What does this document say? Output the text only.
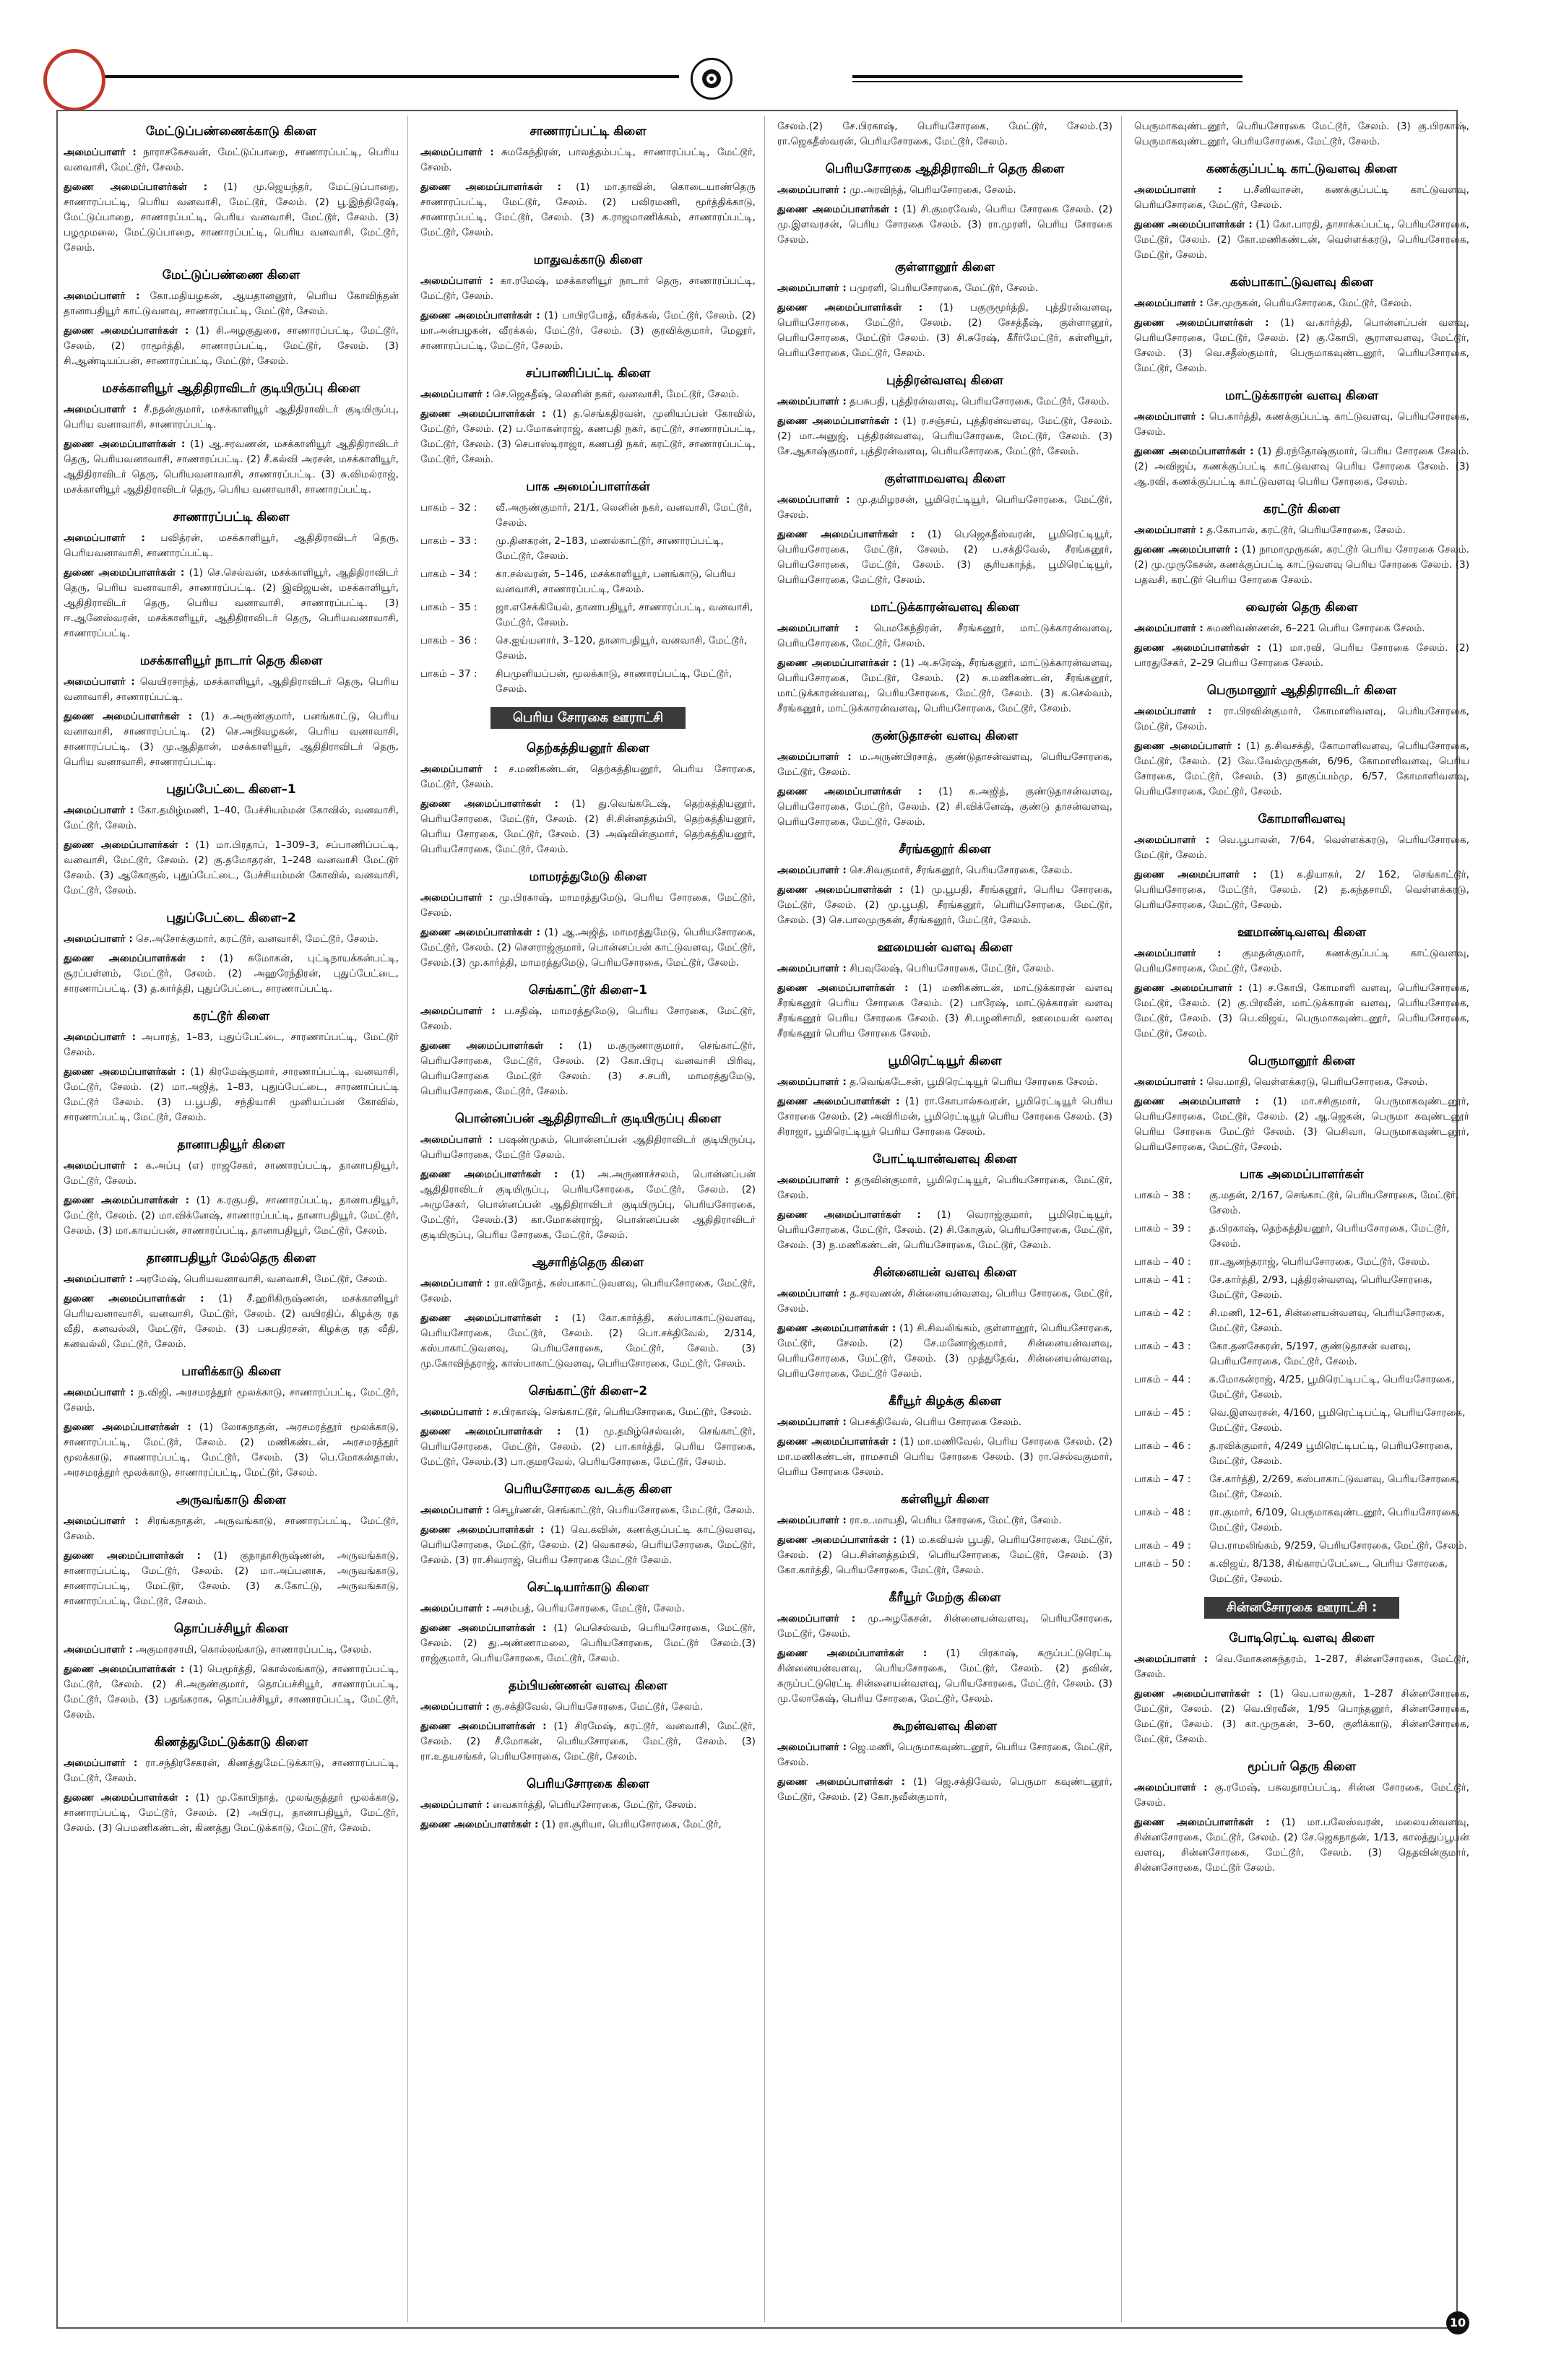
மேட்டுப்பண்ணைக்காடு கிளை
அமைப்பாளர் : நாராசகேசவன், மேட்டுப்பாறை, சாணாரப்பட்டி, பெரிய வனவாசி, மேட்டூர், சேலம்.
துணை அமைப்பாளர்கள் : (1) மு.ஜெயந்தர், மேட்டுப்பாறை, சாணாரப்பட்டி, பெரிய வனவாசி, மேட்டூர், சேலம். (2) பூ.இந்திரேஷ், மேட்டுப்பாறை, சாணாரப்பட்டி, பெரிய வனவாசி, மேட்டூர், சேலம். (3) பழமுமலை, மேட்டுப்பாறை, சாணாரப்பட்டி, பெரிய வனவாசி, மேட்டூர், சேலம்.
மேட்டுப்பண்ணை கிளை
அமைப்பாளர் : கோ.மதியழகன், ஆயதானனூர், பெரிய கோவிந்தன் தானாபதியூர் காட்டுவளவு, சாணாரப்பட்டி, மேட்டூர், சேலம்.
துணை அமைப்பாளர்கள் : (1) சி.அழகுதுரை, சாணாரப்பட்டி, மேட்டூர், சேலம். (2) ராமூர்த்தி, சாணாரப்பட்டி, மேட்டூர், சேலம். (3) சி.ஆண்டியப்பன், சாணாரப்பட்டி, மேட்டூர், சேலம்.
மசக்காளியூர் ஆதிதிராவிடர் குடியிருப்பு கிளை
அமைப்பாளர் : சீ.நதன்குமார், மசக்காளியூர் ஆதிதிராவிடர் குடியிருப்பு, பெரிய வனாவாசி, சாணாரப்பட்டி.
துணை அமைப்பாளர்கள் : (1) ஆ.சரவணன், மசக்காளியூர் ஆதிதிராவிடர் தெரு, பெரியவனாவாசி, சாணாரப்பட்டி. (2) சீ.கல்வி அரசன், மசக்காளியூர், ஆதிதிராவிடர் தெரு, பெரியவனாவாசி, சாணாரப்பட்டி. (3) சு.விமல்ராஜ், மசக்காளியூர் ஆதிதிராவிடர் தெரு, பெரிய வனாவாசி, சாணாரப்பட்டி.
சாணாரப்பட்டி கிளை
அமைப்பாளர் : பவித்ரன், மசக்காளியூர், ஆதிதிராவிடர் தெரு, பெரியவனாவாசி, சாணாரப்பட்டி.
துணை அமைப்பாளர்கள் : (1) செ.செல்வன், மசக்காளியூர், ஆதிதிராவிடர் தெரு, பெரிய வனாவாசி, சாணாரப்பட்டி. (2) இவிஜயன், மசக்காளியூர், ஆதிதிராவிடர் தெரு, பெரிய வனாவாசி, சாணாரப்பட்டி. (3) ஈ.ஆனேஸ்வரன், மசக்காளியூர், ஆதிதிராவிடர் தெரு, பெரியவனாவாசி, சாணாரப்பட்டி.
மசக்காளியூர் நாடார் தெரு கிளை
அமைப்பாளர் : வெயிரசாந்த், மசக்காளியூர், ஆதிதிராவிடர் தெரு, பெரிய வனாவாசி, சாணாரப்பட்டி.
துணை அமைப்பாளர்கள் : (1) சு.அருண்குமார், பனங்காட்டு, பெரிய வனாவாசி, சாணாரப்பட்டி. (2) செ.அறிவழகன், பெரிய வனாவாசி, சாணாரப்பட்டி. (3) மு.ஆதிதான், மசக்காளியூர், ஆதிதிராவிடர் தெரு, பெரிய வனாவாசி, சாணாரப்பட்டி.
புதுப்பேட்டை கிளை–1
அமைப்பாளர் : கோ.தமிழ்மணி, 1–40, பேச்சியம்மன் கோவில், வனவாசி, மேட்டூர், சேலம்.
துணை அமைப்பாளர்கள் : (1) மா.பிரதாப், 1–309–3, சப்பாணிப்பட்டி, வனவாசி, மேட்டூர், சேலம். (2) கு.தமோதரன், 1–248 வனவாசி மேட்டூர் சேலம். (3) ஆகோகுல், புதுப்பேட்டை, பேச்சியம்மன் கோவில், வனவாசி, மேட்டூர், சேலம்.
புதுப்பேட்டை கிளை–2
அமைப்பாளர் : செ.அசோக்குமார், கரட்டூர், வனவாசி, மேட்டூர், சேலம்.
துணை அமைப்பாளர்கள் : (1) சுமோகன், புட்டிநாயக்கன்பட்டி, சூரப்பள்ளம், மேட்டூர், சேலம். (2) அஹரேந்திரன், புதுப்பேட்டை, சாரணாப்பட்டி. (3) த.கார்த்தி, புதுப்பேட்டை, சாரணாப்பட்டி.
கரட்டூர் கிளை
அமைப்பாளர் : அபாரத், 1–83, புதுப்பேட்டை, சாரணாப்பட்டி, மேட்டூர் சேலம்.
துணை அமைப்பாளர்கள் : (1) கிரமேஷ்குமார், சாரணாப்பட்டி, வனவாசி, மேட்டூர், சேலம். (2) மா.அஜித், 1–83, புதுப்பேட்டை, சாரணாப்பட்டி மேட்டூர் சேலம். (3) ப.பூபதி, சந்தியாசி முனியப்பன் கோவில், சாரணாப்பட்டி, மேட்டூர், சேலம்.
தானாபதியூர் கிளை
அமைப்பாளர் : க.அப்பு (எ) ராஜசேகர், சாணாரப்பட்டி, தானாபதியூர், மேட்டூர், சேலம்.
துணை அமைப்பாளர்கள் : (1) க.ரகுபதி, சாணாரப்பட்டி, தானாபதியூர், மேட்டூர், சேலம். (2) மா.விக்னேஷ், சாணாரப்பட்டி, தானாபதியூர், மேட்டூர், சேலம். (3) மா.காயப்பன், சாணாரப்பட்டி, தானாபதியூர், மேட்டூர், சேலம்.
தானாபதியூர் மேல்தெரு கிளை
அமைப்பாளர் : அரமேஷ், பெரியவனாவாசி, வனவாசி, மேட்டூர், சேலம்.
துணை அமைப்பாளர்கள் : (1) சீ.ஹரிகிருஷ்ணன், மசக்காளியூர் பெரியவனாவாசி, வனவாசி, மேட்டூர், சேலம். (2) வயிரதிப், கிழக்கு ரத வீதி, கனவல்லி, மேட்டூர், சேலம். (3) பசுபதிரசன், கிழக்கு ரத வீதி, கனவல்லி, மேட்டூர், சேலம்.
பாளிக்காடு கிளை
அமைப்பாளர் : ந.விஜி, அரசமரத்தூர் மூலக்காடு, சாணாரப்பட்டி, மேட்டூர், சேலம்.
துணை அமைப்பாளர்கள் : (1) லோகநாதன், அரசமரத்தூர் மூலக்காடு, சாணாரப்பட்டி, மேட்டூர், சேலம். (2) மணிகண்டன், அரசமரத்தூர் மூலக்காடு, சாணாரப்பட்டி, மேட்டூர், சேலம். (3) பெ.மோகன்தாஸ், அரசமரத்தூர் மூலக்காடு, சாணாரப்பட்டி, மேட்டூர், சேலம்.
அருவங்காடு கிளை
அமைப்பாளர் : சிரங்கநாதன், அருவங்காடு, சாணாரப்பட்டி, மேட்டூர், சேலம்.
துணை அமைப்பாளர்கள் : (1) குநாதாசிருஷ்ணன், அருவங்காடு, சாணாரப்பட்டி, மேட்டூர், சேலம். (2) மா.அப்பனாசு, அருவங்காடு, சாணாரப்பட்டி, மேட்டூர், சேலம். (3) க.கோட்டு, அருவங்காடு, சாணாரப்பட்டி, மேட்டூர், சேலம்.
தொப்பச்சியூர் கிளை
அமைப்பாளர் : அகுமாரசாமி, கொல்லங்காடு, சாணாரப்பட்டி, சேலம்.
துணை அமைப்பாளர்கள் : (1) பெமூர்த்தி, கொல்லங்காடு, சாணாரப்பட்டி, மேட்டூர், சேலம். (2) சி.அருண்குமார், தொப்பச்சியூர், சாணாரப்பட்டி, மேட்டூர், சேலம். (3) பதங்கராசு, தொப்பச்சியூர், சாணாரப்பட்டி, மேட்டூர், சேலம்.
கிணத்துமேட்டுக்காடு கிளை
அமைப்பாளர் : ரா.சந்திரசேகரன், கிணத்துமேட்டுக்காடு, சாணாரப்பட்டி, மேட்டூர், சேலம்.
துணை அமைப்பாளர்கள் : (1) மு.கோபிநாத், முலங்குத்தூர் மூலக்காடு, சாணாரப்பட்டி, மேட்டூர், சேலம். (2) அபிரபு, தானாபதியூர், மேட்டூர், சேலம். (3) பெமணிகண்டன், கிணத்து மேட்டுக்காடு, மேட்டூர், சேலம்.
சாணாரப்பட்டி கிளை
அமைப்பாளர் : சுமகேந்திரன், பாலத்தம்பட்டி, சாணாரப்பட்டி, மேட்டூர், சேலம்.
துணை அமைப்பாளர்கள் : (1) மா.தாவின், கொடையாண்தெரு சாணாரப்பட்டி, மேட்டூர், சேலம். (2) பவிரமணி, மூர்த்திக்காடு, சாணாரப்பட்டி, மேட்டூர், சேலம். (3) க.ராஜமாணிக்கம், சாணாரப்பட்டி, மேட்டூர், சேலம்.
மாதுவக்காடு கிளை
அமைப்பாளர் : கா.ரமேஷ், மசக்காளியூர் நாடார் தெரு, சாணாரப்பட்டி, மேட்டூர், சேலம்.
துணை அமைப்பாளர்கள் : (1) பாபிரபோத், வீரக்கல், மேட்டூர், சேலம். (2) மா.அன்பழகன், வீரக்கல், மேட்டூர், சேலம். (3) குரவிக்குமார், மேலூர், சாணாரப்பட்டி, மேட்டூர், சேலம்.
சப்பாணிப்பட்டி கிளை
அமைப்பாளர் : செ.ஜெகதீஷ், லெனின் நகர், வனவாசி, மேட்டூர், சேலம்.
துணை அமைப்பாளர்கள் : (1) த.செங்கதிரவன், முனியப்பன் கோவில், மேட்டூர், சேலம். (2) ப.மோகன்ராஜ், கணபதி நகர், கரட்டூர், சாணாரப்பட்டி, மேட்டூர், சேலம். (3) செபாஸ்டிராஜா, கணபதி நகர், கரட்டூர், சாணாரப்பட்டி, மேட்டூர், சேலம்.
பாக அமைப்பாளர்கள்
பாகம் – 32 :	வீ.அருண்குமார், 21/1, லெனின் நகர், வனவாசி, மேட்டூர், சேலம்.
பாகம் – 33 :	மு.தினகரன், 2–183, மணல்காட்டூர், சாணாரப்பட்டி, மேட்டூர், சேலம்.
பாகம் – 34 :	கா.சல்வரன், 5–146, மசக்காளியூர், பனங்காடு, பெரிய வனவாசி, சாணாரப்பட்டி, சேலம்.
பாகம் – 35 :	ஜா.எசேக்கியேல், தானாபதியூர், சாணாரப்பட்டி, வனவாசி, மேட்டூர், சேலம்.
பாகம் – 36 :	செ.ஐய்யனார், 3–120, தானாபதியூர், வனவாசி, மேட்டூர், சேலம்.
பாகம் – 37 :	சிபமுனியப்பன், மூலக்காடு, சாணாரப்பட்டி, மேட்டூர், சேலம்.
பெரிய சோரகை ஊராட்சி
தெற்கத்தியனூர் கிளை
அமைப்பாளர் : ச.மணிகண்டன், தெற்கத்தியனூர், பெரிய சோரகை, மேட்டூர், சேலம்.
துணை அமைப்பாளர்கள் : (1) து.வெங்கடேஷ், தெற்கத்தியனூர், பெரியசோரகை, மேட்டூர், சேலம். (2) சி.சின்னத்தம்பி, தெற்கத்தியனூர், பெரிய சோரகை, மேட்டூர், சேலம். (3) அஷ்வின்குமார், தெற்கத்தியனூர், பெரியசோரகை, மேட்டூர், சேலம்.
மாமரத்துமேடு கிளை
அமைப்பாளர் : மு.பிரகாஷ், மாமரத்துமேடு, பெரிய சோரகை, மேட்டூர், சேலம்.
துணை அமைப்பாளர்கள் : (1) ஆ.அஜித், மாமரத்துமேடு, பெரியசோரகை, மேட்டூர், சேலம். (2) சௌராஜ்குமார், பொன்னப்பன் காட்டுவளவு, மேட்டூர், சேலம்.(3) மு.கார்த்தி, மாமரத்துமேடு, பெரியசோரகை, மேட்டூர், சேலம்.
செங்காட்டூர் கிளை–1
அமைப்பாளர் : ப.சதிஷ், மாமரத்துமேடு, பெரிய சோரகை, மேட்டூர், சேலம்.
துணை அமைப்பாளர்கள் : (1) ம.குருணாகுமார், செங்காட்டூர், பெரியசோரகை, மேட்டூர், சேலம். (2) கோ.பிரபு வனவாசி பிரிவு, பெரியசோரகை மேட்டூர் சேலம். (3) ச.சபரி, மாமரத்துமேடு, பெரியசோரகை, மேட்டூர், சேலம்.
பொன்னப்பன் ஆதிதிராவிடர் குடியிருப்பு கிளை
அமைப்பாளர் : பஷண்முகம், பொன்னப்பன் ஆதிதிராவிடர் குடியிருப்பு, பெரியசோரகை, மேட்டூர் சேலம்.
துணை அமைப்பாளர்கள் : (1) அ.அருணாச்சலம், பொன்னப்பன் ஆதிதிராவிடர் குடியிருப்பு, பெரியசோரகை, மேட்டூர், சேலம். (2) அமுசேகர், பொன்னப்பன் ஆதிதிராவிடர் குடியிருப்பு, பெரியசோரகை, மேட்டூர், சேலம்.(3) கா.மோகன்ராஜ், பொன்னப்பன் ஆதிதிராவிடர் குடியிருப்பு, பெரிய சோரகை, மேட்டூர், சேலம்.
ஆசாரித்தெரு கிளை
அமைப்பாளர் : ரா.விநோத், கஸ்பாகாட்டுவளவு, பெரியசோரகை, மேட்டூர், சேலம்.
துணை அமைப்பாளர்கள் : (1) கோ.கார்த்தி, கஸ்பாகாட்டுவளவு, பெரியசோரகை, மேட்டூர், சேலம். (2) பொ.சக்திவேல், 2/314, கஸ்பாகாட்டுவளவு, பெரியசோரகை, மேட்டூர், சேலம். (3) மு.கோவிந்தராஜ், காஸ்பாகாட்டுவளவு, பெரியசோரகை, மேட்டூர், சேலம்.
செங்காட்டூர் கிளை–2
அமைப்பாளர் : ச.பிரகாஷ், செங்காட்டூர், பெரியசோரகை, மேட்டூர், சேலம்.
துணை அமைப்பாளர்கள் : (1) மு.தமிழ்செல்வன், செங்காட்டூர், பெரியசோரகை, மேட்டூர், சேலம். (2) பா.கார்த்தி, பெரிய சோரகை, மேட்டூர், சேலம்.(3) பா.குமரவேல், பெரியசோரகை, மேட்டூர், சேலம்.
பெரியசோரகை வடக்கு கிளை
அமைப்பாளர் : செபூர்ணன், செங்காட்டூர், பெரியசோரகை, மேட்டூர், சேலம்.
துணை அமைப்பாளர்கள் : (1) வெ.கவின், கணக்குப்பட்டி காட்டுவளவு, பெரியசோரகை, மேட்டூர், சேலம். (2) வெகாசல், பெரியசோரகை, மேட்டூர், சேலம். (3) ரா.சிவராஜ், பெரிய சோரகை மேட்டூர் சேலம்.
செட்டியார்காடு கிளை
அமைப்பாளர் : அசம்பத், பெரியசோரகை, மேட்டூர், சேலம்.
துணை அமைப்பாளர்கள் : (1) பெசெல்வம், பெரியசோரகை, மேட்டூர், சேலம். (2) து.அண்ணாமலை, பெரியசோரகை, மேட்டூர் சேலம்.(3) ராஜ்குமார், பெரியசோரகை, மேட்டூர், சேலம்.
தம்பியண்ணன் வளவு கிளை
அமைப்பாளர் : கு.சக்திவேல், பெரியசோரகை, மேட்டூர், சேலம்.
துணை அமைப்பாளர்கள் : (1) சிரமேஷ், கரட்டூர், வனவாசி, மேட்டூர், சேலம். (2) சீ.மோகன், பெரியசோரகை, மேட்டூர், சேலம். (3) ரா.உதயசங்கர், பெரியசோரகை, மேட்டூர், சேலம்.
பெரியசோரகை கிளை
அமைப்பாளர் : வைகார்த்தி, பெரியசோரகை, மேட்டூர், சேலம்.
துணை அமைப்பாளர்கள் : (1) ரா.சூரியா, பெரியசோரகை, மேட்டூர்,
சேலம்.(2) சே.பிரகாஷ், பெரியசோரகை, மேட்டூர், சேலம்.(3) ரா.ஜெகதீஸ்வரன், பெரியசோரகை, மேட்டூர், சேலம்.
பெரியசோரகை ஆதிதிராவிடர் தெரு கிளை
அமைப்பாளர் : மு.அரவிந்த், பெரியசோரகை, சேலம்.
துணை அமைப்பாளர்கள் : (1) சி.குமரவேல், பெரிய சோரகை சேலம். (2) மு.இளவரசன், பெரிய சோரகை சேலம். (3) ரா.முரளி, பெரிய சோரகை சேலம்.
குள்ளானூர் கிளை
அமைப்பாளர் : பமுரளி, பெரியசோரகை, மேட்டூர், சேலம்.
துணை அமைப்பாளர்கள் : (1) பகுருமூர்த்தி, புத்திரன்வளவு, பெரியசோரகை, மேட்டூர், சேலம். (2) சேசத்தீஷ், குள்ளானூர், பெரியசோரகை, மேட்டூர் சேலம். (3) சி.சுரேஷ், கீரீர்மேட்டூர், கள்ளியூர், பெரியசோரகை, மேட்டூர், சேலம்.
புத்திரன்வளவு கிளை
அமைப்பாளர் : தபசுபதி, புத்திரன்வளவு, பெரியசோரகை, மேட்டூர், சேலம்.
துணை அமைப்பாளர்கள் : (1) ர.சஞ்சய், புத்திரன்வளவு, மேட்டூர், சேலம். (2) மா.அனுஜ், புத்திரன்வளவு, பெரியசோரகை, மேட்டூர், சேலம். (3) சே.ஆகாஷ்குமார், புத்திரன்வளவு, பெரியசோரகை, மேட்டூர், சேலம்.
குள்ளாமவளவு கிளை
அமைப்பாளர் : மு.தமிழரசன், பூமிரெட்டியூர், பெரியசோரகை, மேட்டூர், சேலம்.
துணை அமைப்பாளர்கள் : (1) பெஜெகதீஸ்வரன், பூமிரெட்டியூர், பெரியசோரகை, மேட்டூர், சேலம். (2) ப.சக்திவேல், சீரங்கனூர், பெரியசோரகை, மேட்டூர், சேலம். (3) சூரியகாந்த், பூமிரெட்டியூர், பெரியசோரகை, மேட்டூர், சேலம்.
மாட்டுக்காரன்வளவு கிளை
அமைப்பாளர் : பெமகேந்திரன், சீரங்கனூர், மாட்டுக்காரன்வளவு, பெரியசோரகை, மேட்டூர், சேலம்.
துணை அமைப்பாளர்கள் : (1) அ.சுரேஷ், சீரங்கனூர், மாட்டுக்காரன்வளவு, பெரியசோரகை, மேட்டூர், சேலம். (2) சு.மணிகண்டன், சீரங்கனூர், மாட்டுக்காரன்வளவு, பெரியசோரகை, மேட்டூர், சேலம். (3) க.செல்வம், சீரங்கனூர், மாட்டுக்காரன்வளவு, பெரியசோரகை, மேட்டூர், சேலம்.
குண்டுதாசன் வளவு கிளை
அமைப்பாளர் : ம.அருண்பிரசாத், குண்டுதாசன்வளவு, பெரியசோரகை, மேட்டூர், சேலம்.
துணை அமைப்பாளர்கள் : (1) க.அஜித், குண்டுதாசன்வளவு, பெரியசோரகை, மேட்டூர், சேலம். (2) சி.விக்னேஷ், குண்டு தாசன்வளவு, பெரியசோரகை, மேட்டூர், சேலம்.
சீரங்கனூர் கிளை
அமைப்பாளர் : செ.சிவகுமார், சீரங்கனூர், பெரியசோரகை, சேலம்.
துணை அமைப்பாளர்கள் : (1) மு.பூபதி, சீரங்கனூர், பெரிய சோரகை, மேட்டூர், சேலம். (2) மு.பூபதி, சீரங்கனூர், பெரியசோரகை, மேட்டூர், சேலம். (3) செ.பாலமுருகன், சீரங்கனூர், மேட்டூர், சேலம்.
ஊமையன் வளவு கிளை
அமைப்பாளர் : சிபவுலேஷ், பெரியசோரகை, மேட்டூர், சேலம்.
துணை அமைப்பாளர்கள் : (1) மணிகண்டன், மாட்டுக்காரன் வளவு சீரங்கனூர் பெரிய சோரகை சேலம். (2) பாரேஷ், மாட்டுக்காரன் வளவு சீரங்கனூர் பெரிய சோரகை சேலம். (3) சி.பழனிசாமி, ஊமையன் வளவு சீரங்கனூர் பெரிய சோரகை சேலம்.
பூமிரெட்டியூர் கிளை
அமைப்பாளர் : த.வெங்கடேசன், பூமிரெட்டியூர் பெரிய சோரகை சேலம்.
துணை அமைப்பாளர்கள் : (1) ரா.கோபால்சுவரன், பூமிரெட்டியூர் பெரிய சோரகை சேலம். (2) அவிரிமன், பூமிரெட்டியூர் பெரிய சோரகை சேலம். (3) சிராஜா, பூமிரெட்டியூர் பெரிய சோரகை சேலம்.
போட்டியான்வளவு கிளை
அமைப்பாளர் : தருவின்குமார், பூமிரெட்டியூர், பெரியசோரகை, மேட்டூர், சேலம்.
துணை அமைப்பாளர்கள் : (1) வெராஜ்குமார், பூமிரெட்டியூர், பெரியசோரகை, மேட்டூர், சேலம். (2) சி.கோகுல், பெரியசோரகை, மேட்டூர், சேலம். (3) ந.மணிகண்டன், பெரியசோரகை, மேட்டூர், சேலம்.
சின்னையன் வளவு கிளை
அமைப்பாளர் : த.சரவணன், சின்னையன்வளவு, பெரிய சோரகை, மேட்டூர், சேலம்.
துணை அமைப்பாளர்கள் : (1) சி.சிவலிங்கம், குள்ளானூர், பெரியசோரகை, மேட்டூர், சேலம். (2) சே.மனோஜ்குமார், சின்னையன்வளவு, பெரியசோரகை, மேட்டூர், சேலம். (3) முத்துதேவ், சின்னையன்வளவு, பெரியசோரகை, மேட்டூர் சேலம்.
கீரீயூர் கிழக்கு கிளை
அமைப்பாளர் : பெசக்திவேல், பெரிய சோரகை சேலம்.
துணை அமைப்பாளர்கள் : (1) மா.மணிவேல், பெரிய சோரகை சேலம். (2) மா.மணிகண்டன், ராமசாமி பெரிய சோரகை சேலம். (3) ரா.செல்வகுமார், பெரிய சோரகை சேலம்.
கள்ளியூர் கிளை
அமைப்பாளர் : ரா.உ.மாயதி, பெரிய சோரகை, மேட்டூர், சேலம்.
துணை அமைப்பாளர்கள் : (1) ம.கவியல் பூபதி, பெரியசோரகை, மேட்டூர், சேலம். (2) பெ.சின்னத்தம்பி, பெரியசோரகை, மேட்டூர், சேலம். (3) கோ.கார்த்தி, பெரியசோரகை, மேட்டூர், சேலம்.
கீரீயூர் மேற்கு கிளை
அமைப்பாளர் : மு.அழகேசன், சின்னையன்வளவு, பெரியசோரகை, மேட்டூர், சேலம்.
துணை அமைப்பாளர்கள் : (1) பிரகாஷ், கருப்பட்டுரெட்டி சின்னையன்வளவு, பெரியசோரகை, மேட்டூர், சேலம். (2) தவின், கருப்பட்டுரெட்டி சின்னையன்வளவு, பெரியசோரகை, மேட்டூர், சேலம். (3) மு.லோகேஷ், பெரிய சோரகை, மேட்டூர், சேலம்.
கூறன்வளவு கிளை
அமைப்பாளர் : ஜெ.மணி, பெருமாகவுண்டனூர், பெரிய சோரகை, மேட்டூர், சேலம்.
துணை அமைப்பாளர்கள் : (1) ஜெ.சக்திவேல், பெருமா கவுண்டனூர், மேட்டூர், சேலம். (2) கோ.நவீன்குமார்,
பெருமாகவுண்டனூர், பெரியசோரகை மேட்டூர், சேலம். (3) கு.பிரகாஷ், பெருமாகவுண்டனூர், பெரியசோரகை, மேட்டூர், சேலம்.
கணக்குப்பட்டி காட்டுவளவு கிளை
அமைப்பாளர் : ப.சீனிவாசன், கணக்குப்பட்டி காட்டுவளவு, பெரியசோரகை, மேட்டூர், சேலம்.
துணை அமைப்பாளர்கள் : (1) கோ.பாரதி, தாசாக்கப்பட்டி, பெரியசோரகை, மேட்டூர், சேலம். (2) கோ.மணிகண்டன், வெள்ளக்கரடு, பெரியசோரகை, மேட்டூர், சேலம்.
கஸ்பாகாட்டுவளவு கிளை
அமைப்பாளர் : சே.முருகன், பெரியசோரகை, மேட்டூர், சேலம்.
துணை அமைப்பாளர்கள் : (1) வ.கார்த்தி, பொன்னப்பன் வளவு, பெரியசோரகை, மேட்டூர், சேலம். (2) கு.கோபி, சூராளவளவு, மேட்டூர், சேலம். (3) வெ.சதீஸ்குமார், பெருமாகவுண்டனூர், பெரியசோரகை, மேட்டூர், சேலம்.
மாட்டுக்காரன் வளவு கிளை
அமைப்பாளர் : பெ.கார்த்தி, கணக்குப்பட்டி காட்டுவளவு, பெரியசோரகை, சேலம்.
துணை அமைப்பாளர்கள் : (1) தி.ரந்தோஷ்குமார், பெரிய சோரகை சேலம். (2) அவிஜய், கணக்குப்பட்டி காட்டுவளவு பெரிய சோரகை சேலம். (3) ஆ.ரவி, கணக்குப்பட்டி காட்டுவளவு பெரிய சோரகை, சேலம்.
கரட்டூர் கிளை
அமைப்பாளர் : த.கோபால், கரட்டூர், பெரியசோரகை, சேலம்.
துணை அமைப்பாளர் : (1) நாமாமுருகன், கரட்டூர் பெரிய சோரகை சேலம். (2) மு.முருகேசன், கணக்குப்பட்டி காட்டுவளவு பெரிய சோரகை சேலம். (3) பதவசி, கரட்டூர் பெரிய சோரகை சேலம்.
வைரன் தெரு கிளை
அமைப்பாளர் : சுமணிவண்ணன், 6–221 பெரிய சோரகை சேலம்.
துணை அமைப்பாளர்கள் : (1) மா.ரவி, பெரிய சோரகை சேலம். (2) பாரதுசேகர், 2–29 பெரிய சோரகை சேலம்.
பெருமானூர் ஆதிதிராவிடர் கிளை
அமைப்பாளர் : ரா.பிரவின்குமார், கோமாளிவளவு, பெரியசோரகை, மேட்டூர், சேலம்.
துணை அமைப்பாளர் : (1) த.சிவசக்தி, கோமாளிவளவு, பெரியசோரகை, மேட்டூர், சேலம். (2) வே.வேல்முருகன், 6/96, கோமாளிவளவு, பெரிய சோரகை, மேட்டூர், சேலம். (3) தாகுப்பம்மு, 6/57, கோமாளிவளவு, பெரியசோரகை, மேட்டூர், சேலம்.
கோமாளிவளவு
அமைப்பாளர் : வெ.பூபாலன், 7/64, வெள்ளக்கரடு, பெரியசோரகை, மேட்டூர், சேலம்.
துணை அமைப்பாளர் : (1) க.தியாகர், 2/ 162, செங்காட்டூர், பெரியசோரகை, மேட்டூர், சேலம். (2) த.கந்தசாமி, வெள்ளக்கரடு, பெரியசோரகை, மேட்டூர், சேலம்.
ஊமாண்டிவளவு கிளை
அமைப்பாளர் : குமதன்குமார், கணக்குப்பட்டி காட்டுவளவு, பெரியசோரகை, மேட்டூர், சேலம்.
துணை அமைப்பாளர் : (1) ச.கோபி, கோமாளி வளவு, பெரியசோரகை, மேட்டூர், சேலம். (2) கு.பிரவீன், மாட்டுக்காரன் வளவு, பெரியசோரகை, மேட்டூர், சேலம். (3) பெ.விஜய், பெருமாகவுண்டனூர், பெரியசோரகை, மேட்டூர், சேலம்.
பெருமானூர் கிளை
அமைப்பாளர் : வெ.மாதி, வெள்ளக்கரடு, பெரியசோரகை, சேலம்.
துணை அமைப்பாளர் : (1) மா.சசிகுமார், பெருமாகவுண்டனூர், பெரியசோரகை, மேட்டூர், சேலம். (2) ஆ.ஜெகன், பெருமா கவுண்டனூர் பெரிய சோரகை மேட்டூர் சேலம். (3) பெசிவா, பெருமாகவுண்டனூர், பெரியசோரகை, மேட்டூர், சேலம்.
பாக அமைப்பாளர்கள்
பாகம் – 38 :	கு.மதன், 2/167, செங்காட்டூர், பெரியசோரகை, மேட்டூர், சேலம்.
பாகம் – 39 :	த.பிரகாஷ், தெற்கத்தியனூர், பெரியசோரகை, மேட்டூர், சேலம்.
பாகம் – 40 :	ரா.ஆனந்தராஜ், பெரியசோரகை, மேட்டூர், சேலம்.
பாகம் – 41 :	சே.கார்த்தி, 2/93, புத்திரன்வளவு, பெரியசோரகை, மேட்டூர், சேலம்.
பாகம் – 42 :	சி.மணி, 12–61, சின்னையன்வளவு, பெரியசோரகை, மேட்டூர், சேலம்.
பாகம் – 43 :	கோ.தனசேகரன், 5/197, குண்டுதாசன் வளவு, பெரியசோரகை, மேட்டூர், சேலம்.
பாகம் – 44 :	க.மோகன்ராஜ், 4/25, பூமிரெட்டிபட்டி, பெரியசோரகை, மேட்டூர், சேலம்.
பாகம் – 45 :	வெ.இளவரசன், 4/160, பூமிரெட்டிபட்டி, பெரியசோரகை, மேட்டூர், சேலம்.
பாகம் – 46 :	த.ரவிக்குமார், 4/249 பூமிரெட்டிபட்டி, பெரியசோரகை, மேட்டூர், சேலம்.
பாகம் – 47 :	சே.கார்த்தி, 2/269, கஸ்பாகாட்டுவளவு, பெரியசோரகை, மேட்டூர், சேலம்.
பாகம் – 48 :	ரா.குமார், 6/109, பெருமாகவுண்டனூர், பெரியசோரகை, மேட்டூர், சேலம்.
பாகம் – 49 :	பெ.ராமலிங்கம், 9/259, பெரியசோரகை, மேட்டூர், சேலம்.
பாகம் – 50 :	க.விஜய், 8/138, சிங்காரப்பேட்டை, பெரிய சோரகை, மேட்டூர், சேலம்.
சின்னசோரகை ஊராட்சி :
போடிரெட்டி வளவு கிளை
அமைப்பாளர் : வெ.மோகனசுந்தரம், 1–287, சின்னசோரகை, மேட்டூர், சேலம்.
துணை அமைப்பாளர்கள் : (1) வெ.பாலகுகர், 1–287 சின்னசோரகை, மேட்டூர், சேலம். (2) வெ.பிரவீன், 1/95 பொந்தனூர், சின்னசோரகை, மேட்டூர், சேலம். (3) கா.முருகன், 3–60, குளிக்காடு, சின்னசோரகை, மேட்டூர், சேலம்.
மூப்பர் தெரு கிளை
அமைப்பாளர் : கு.ரமேஷ், பசுவதாரப்பட்டி, சின்ன சோரகை, மேட்டூர், சேலம்.
துணை அமைப்பாளர்கள் : (1) மா.பலேஸ்வரன், மலையன்வளவு, சின்னசோரகை, மேட்டூர், சேலம். (2) சே.ஜெகநாதன், 1/13, காலத்துப்பூபன் வளவு, சின்னசோரகை, மேட்டூர், சேலம். (3) தெதவின்குமார், சின்னசோரகை, மேட்டூர் சேலம்.
10
